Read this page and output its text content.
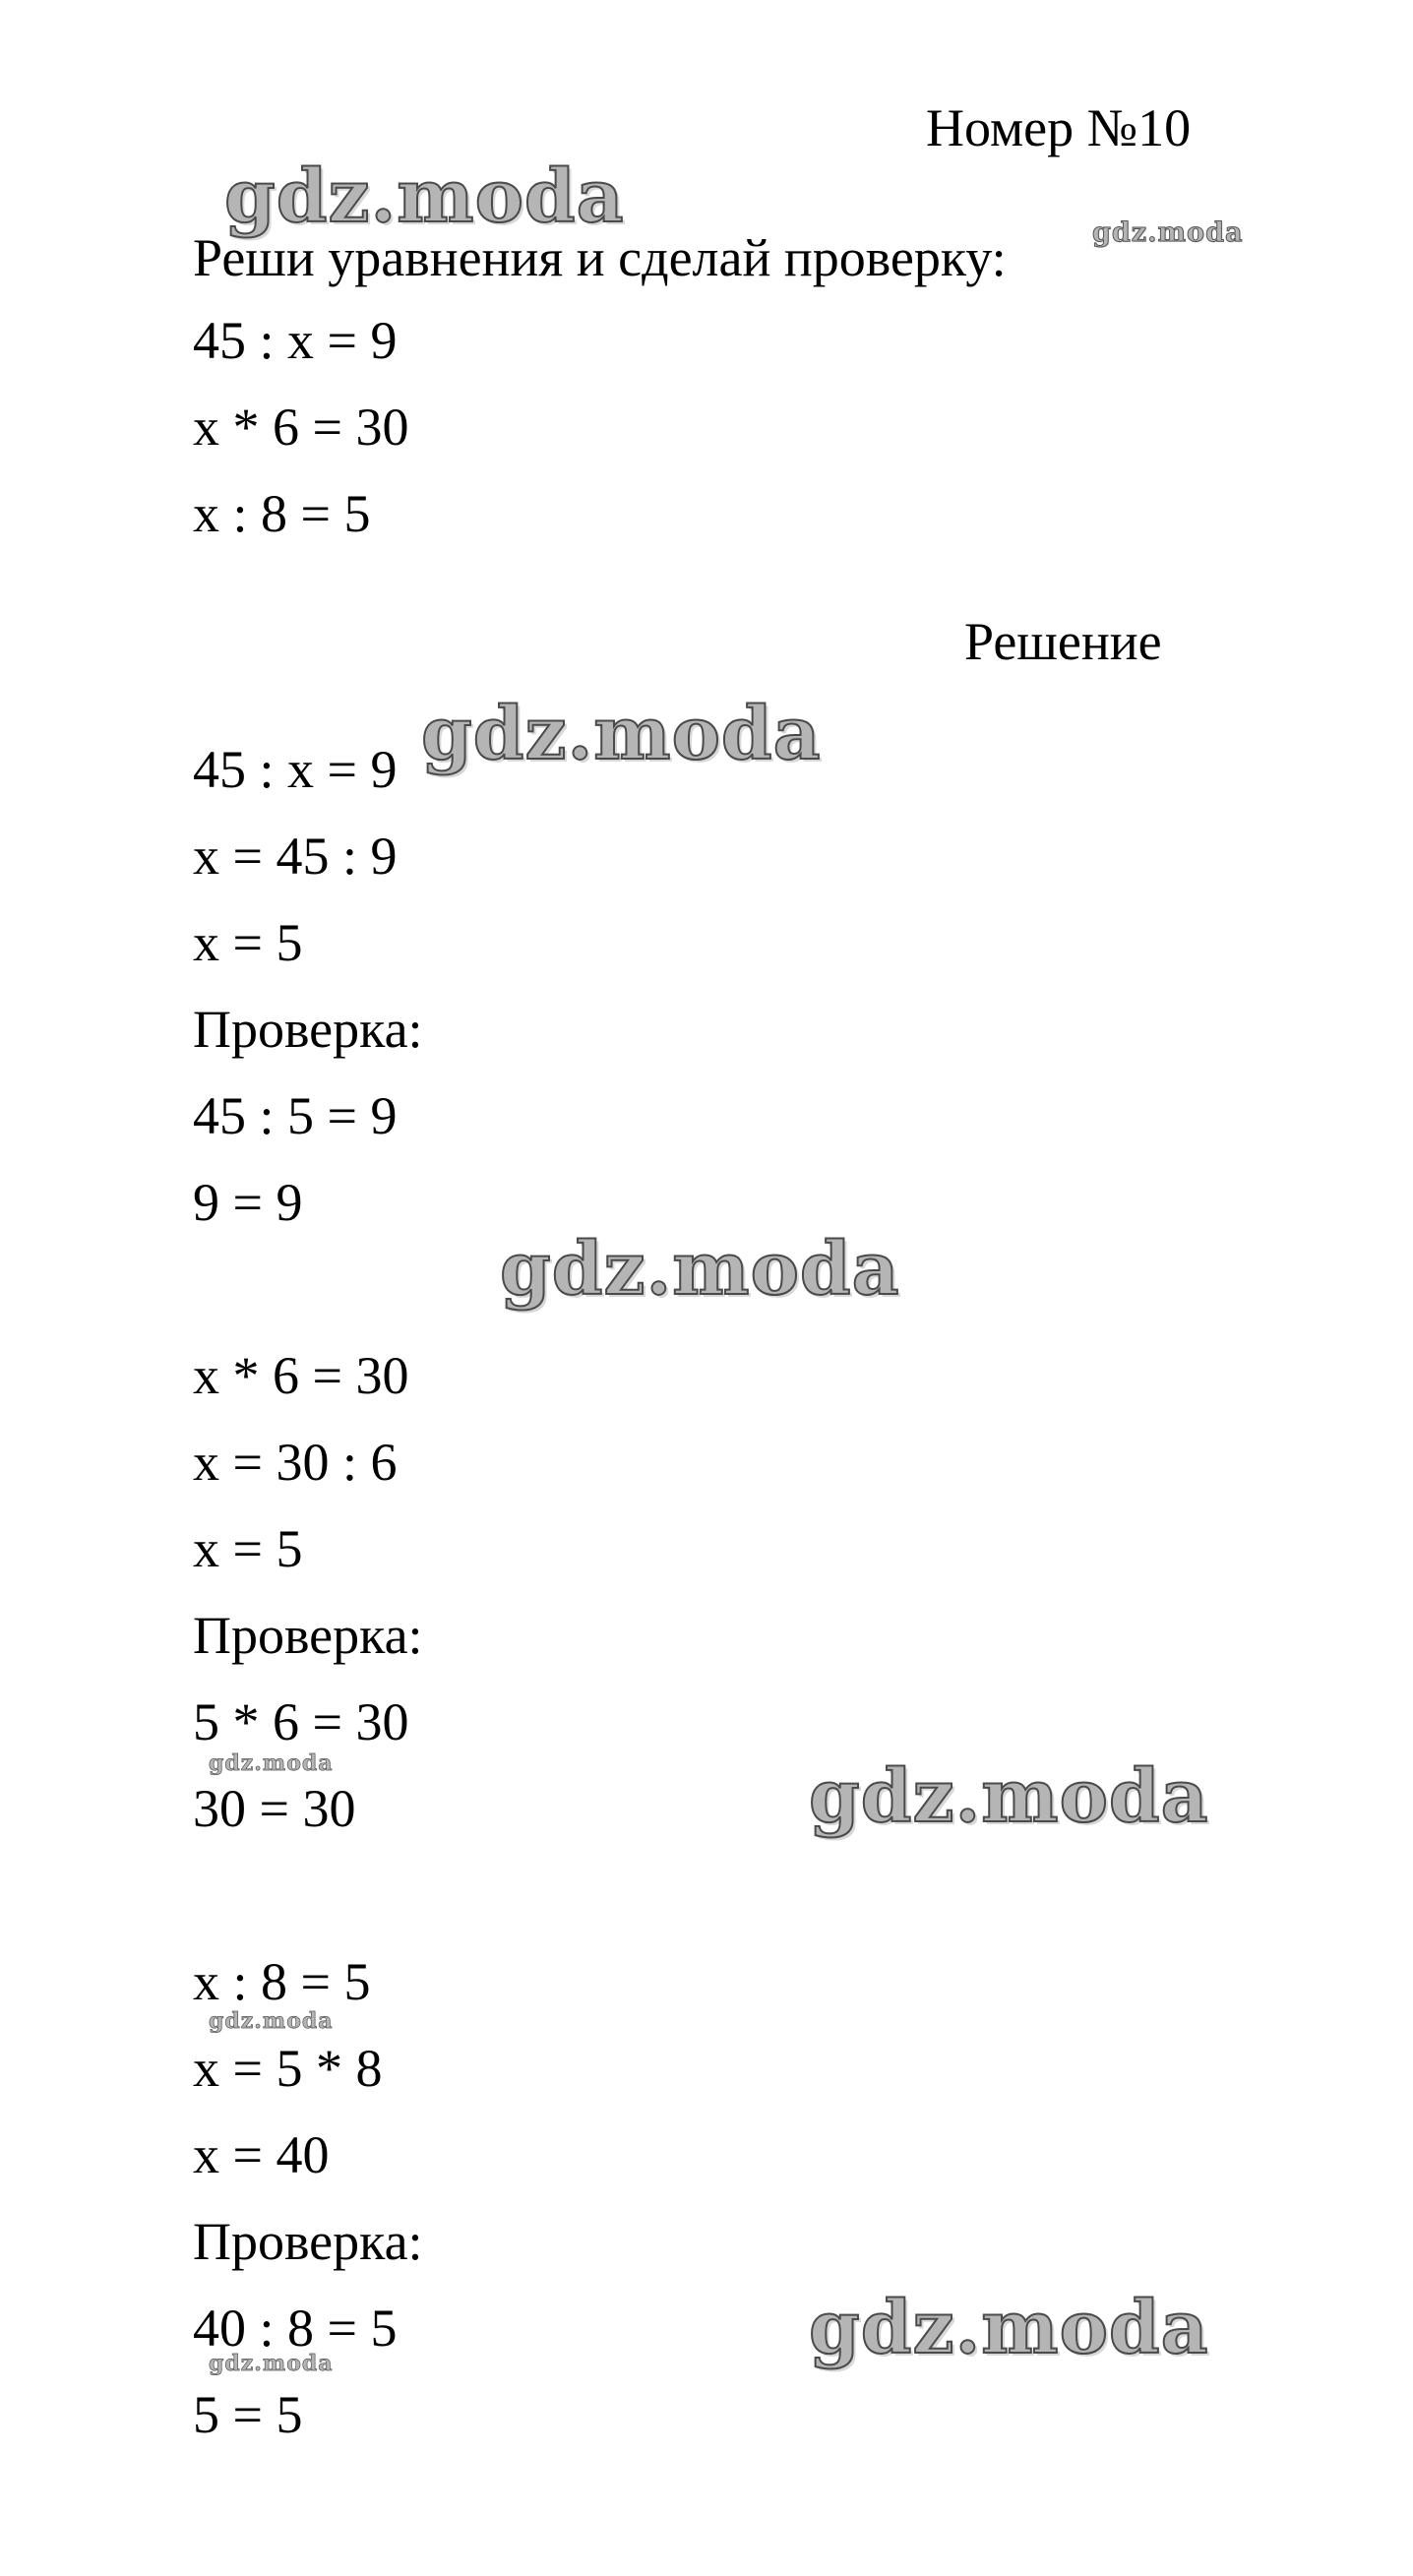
Номер №10
Реши уравнения и сделай проверку:
45 : x = 9
x * 6 = 30
x : 8 = 5
Решение
45 : x = 9
x = 45 : 9
x = 5
Проверка:
45 : 5 = 9
9 = 9
x * 6 = 30
x = 30 : 6
x = 5
Проверка:
5 * 6 = 30
30 = 30
x : 8 = 5
x = 5 * 8
x = 40
Проверка:
40 : 8 = 5
5 = 5
gdz.moda	gdz.moda
gdz.moda
gdz.moda
gdz.moda	gdz.moda
gdz.moda
gdz.moda
gdz.moda
